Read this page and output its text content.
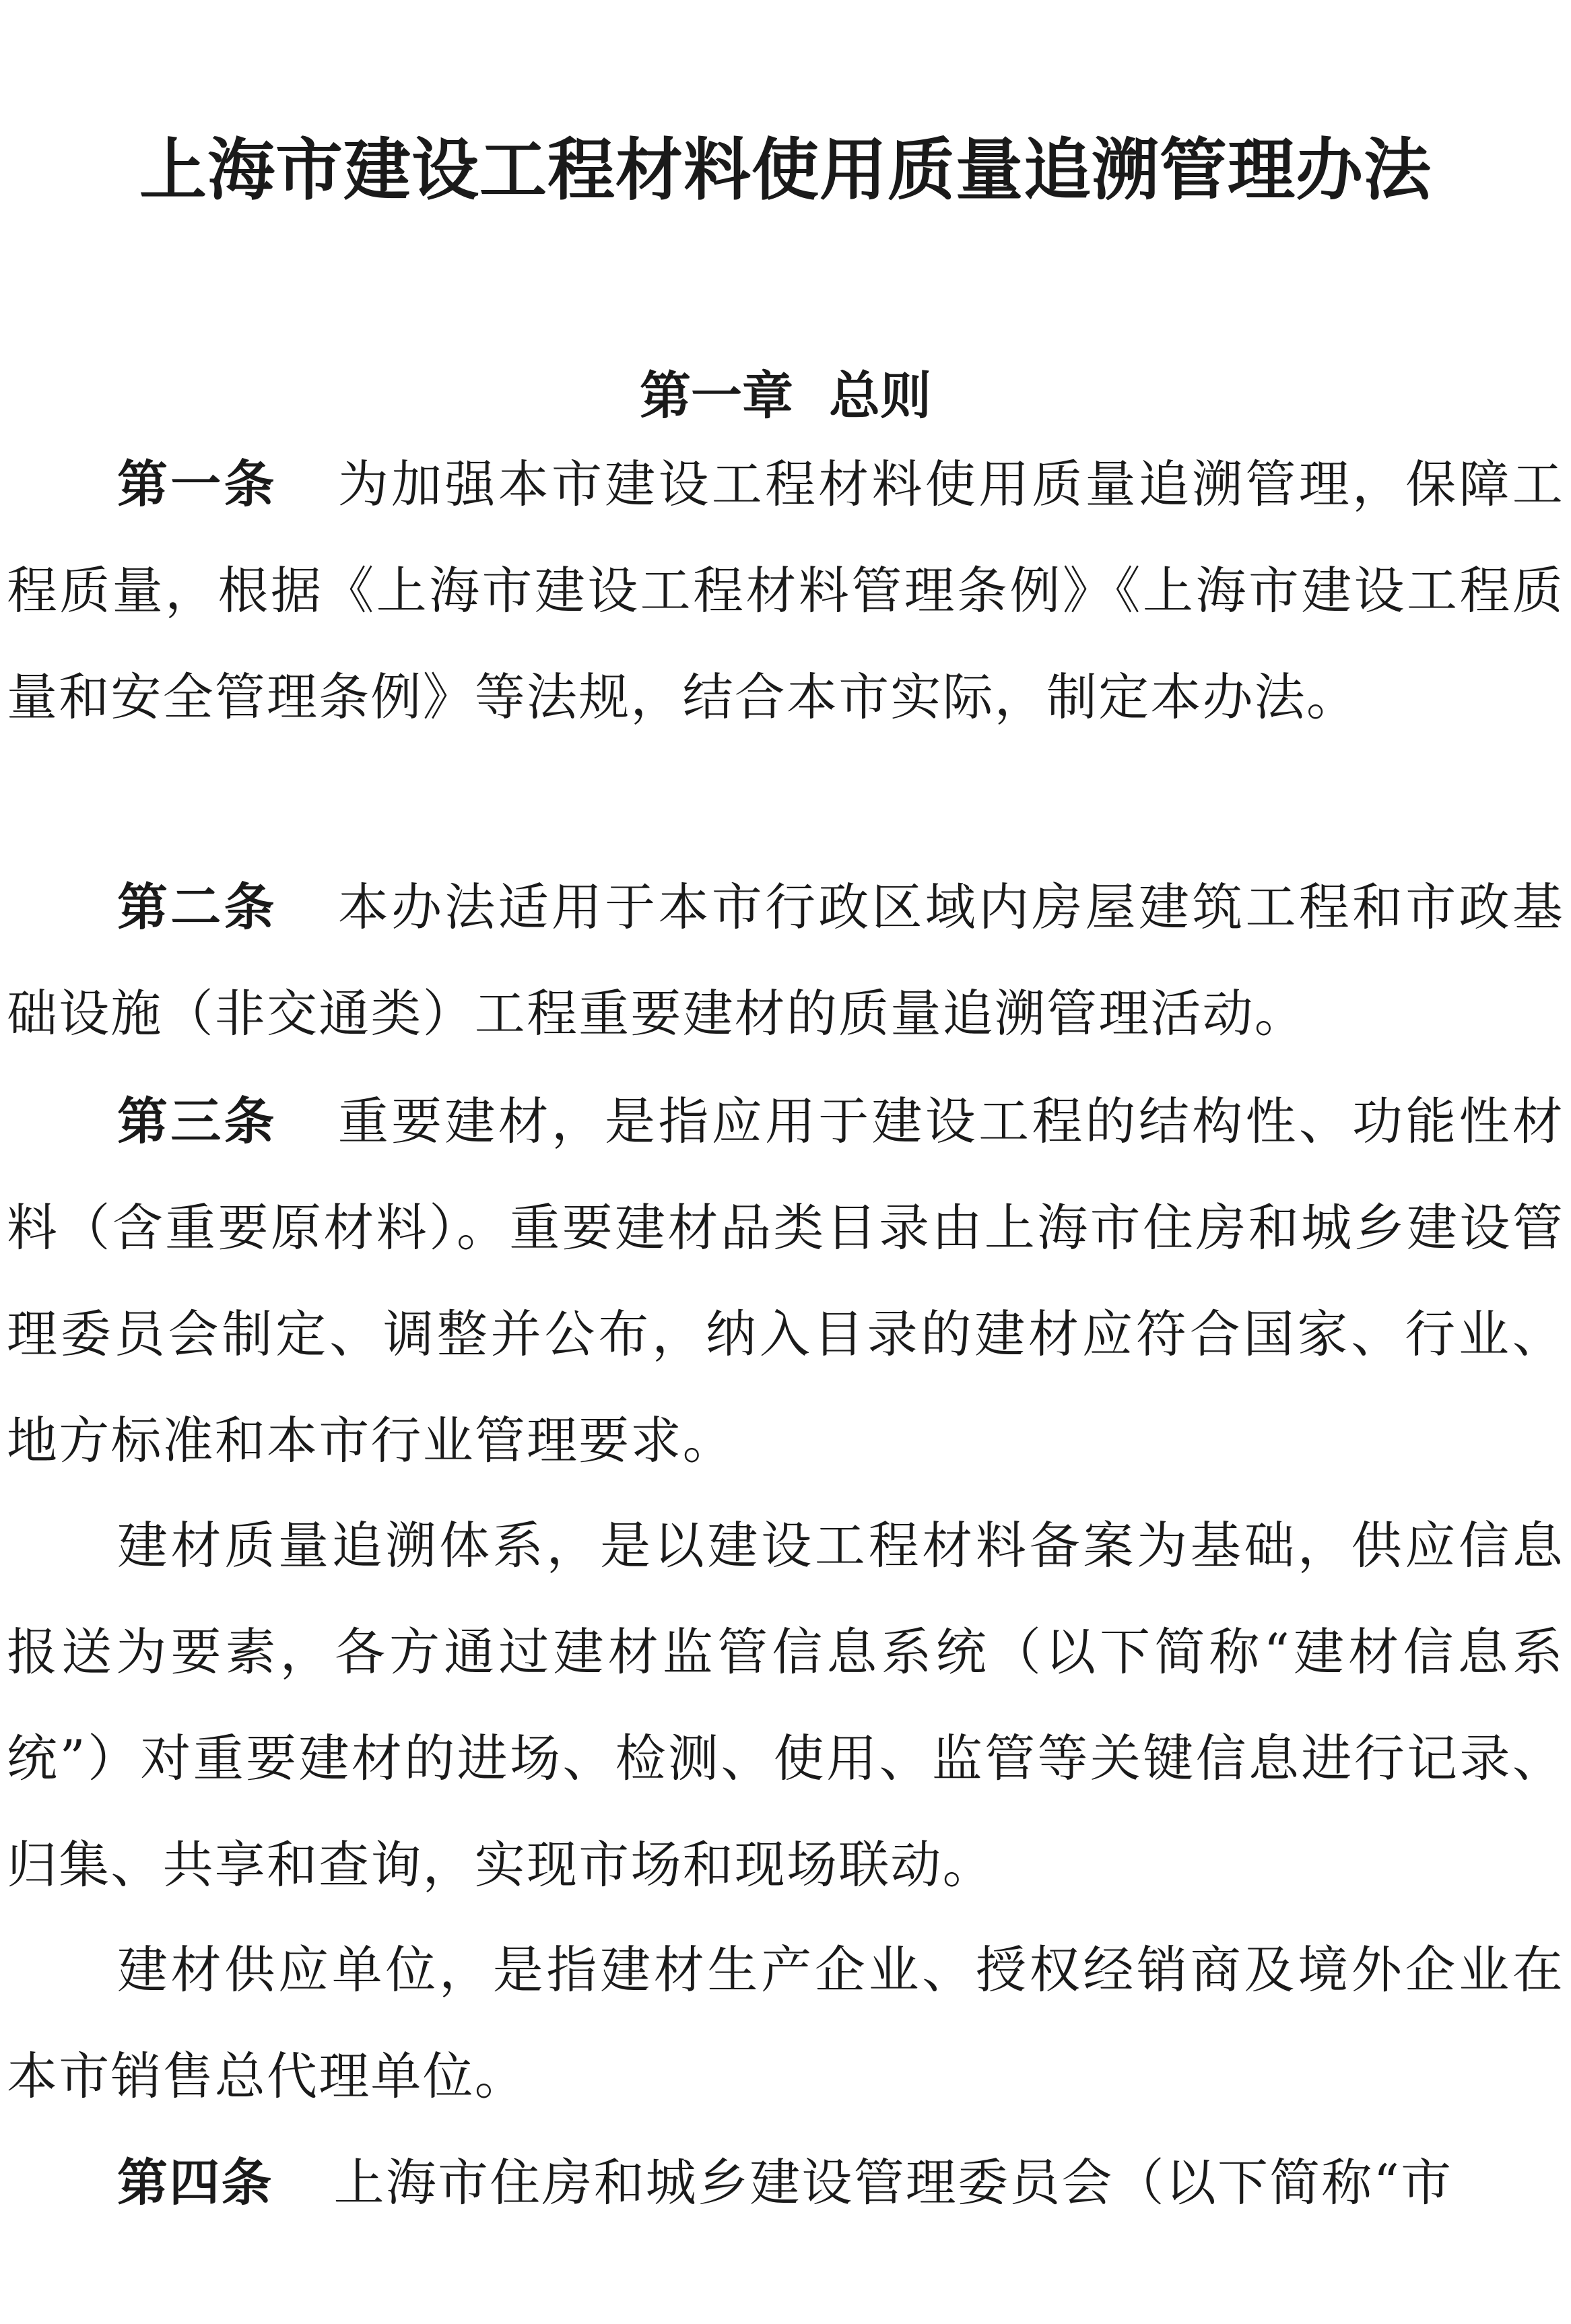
上海市建设工程材料使用质量追溯管理办法
第一章  总则

第一条 为加强本市建设工程材料使用质量追溯管理，保障工程质量，根据《上海市建设工程材料管理条例》《上海市建设工程质量和安全管理条例》等法规，结合本市实际，制定本办法。

第二条 本办法适用于本市行政区域内房屋建筑工程和市政基础设施（非交通类）工程重要建材的质量追溯管理活动。

第三条 重要建材，是指应用于建设工程的结构性、功能性材料（含重要原材料）。重要建材品类目录由上海市住房和城乡建设管理委员会制定、调整并公布，纳入目录的建材应符合国家、行业、地方标准和本市行业管理要求。

建材质量追溯体系，是以建设工程材料备案为基础，供应信息报送为要素，各方通过建材监管信息系统（以下简称“建材信息系统”）对重要建材的进场、检测、使用、监管等关键信息进行记录、归集、共享和查询，实现市场和现场联动。

建材供应单位，是指建材生产企业、授权经销商及境外企业在本市销售总代理单位。

第四条 上海市住房和城乡建设管理委员会（以下简称“市
